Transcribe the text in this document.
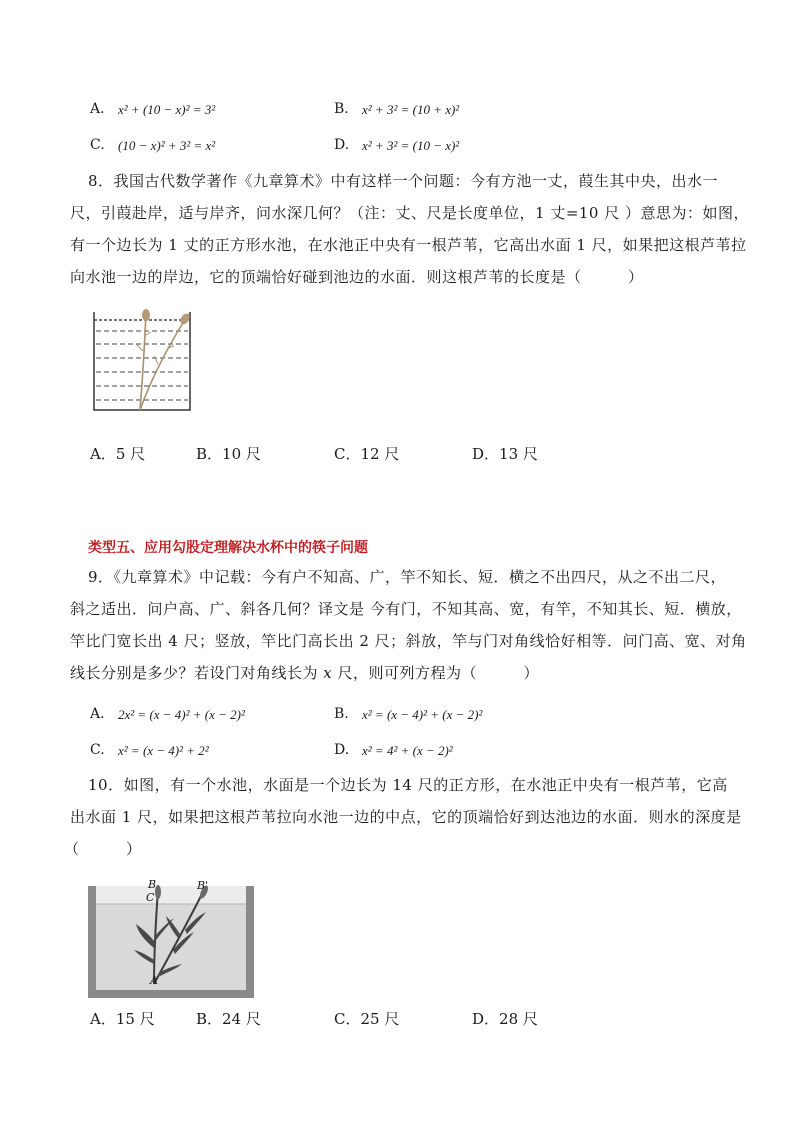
A. x² + (10 − x)² = 3²	B. x² + 3² = (10 + x)²
C. (10 − x)² + 3² = x²	D. x² + 3² = (10 − x)²
8．我国古代数学著作《九章算术》中有这样一个问题：今有方池一丈，葭生其中央，出水一
尺，引葭赴岸，适与岸齐，问水深几何？（注：丈、尺是长度单位，1 丈=10 尺 ）意思为：如图，
有一个边长为 1 丈的正方形水池，在水池正中央有一根芦苇，它高出水面 1 尺，如果把这根芦苇拉
向水池一边的岸边，它的顶端恰好碰到池边的水面．则这根芦苇的长度是（　　　）
A．5 尺	B．10 尺	C．12 尺	D．13 尺
类型五、应用勾股定理解决水杯中的筷子问题
9．《九章算术》中记载：今有户不知高、广，竿不知长、短．横之不出四尺，从之不出二尺，
斜之适出．问户高、广、斜各几何？译文是 今有门，不知其高、宽，有竿，不知其长、短．横放，
竿比门宽长出 4 尺；竖放，竿比门高长出 2 尺；斜放，竿与门对角线恰好相等．问门高、宽、对角
线长分别是多少？若设门对角线长为 x 尺，则可列方程为（　　　）
A. 2x² = (x − 4)² + (x − 2)²	B. x² = (x − 4)² + (x − 2)²
C. x² = (x − 4)² + 2²	D. x² = 4² + (x − 2)²
10．如图，有一个水池，水面是一个边长为 14 尺的正方形，在水池正中央有一根芦苇，它高
出水面 1 尺，如果把这根芦苇拉向水池一边的中点，它的顶端恰好到达池边的水面．则水的深度是
（　　　）
B
C
B'
A
A．15 尺	B．24 尺	C．25 尺	D．28 尺
